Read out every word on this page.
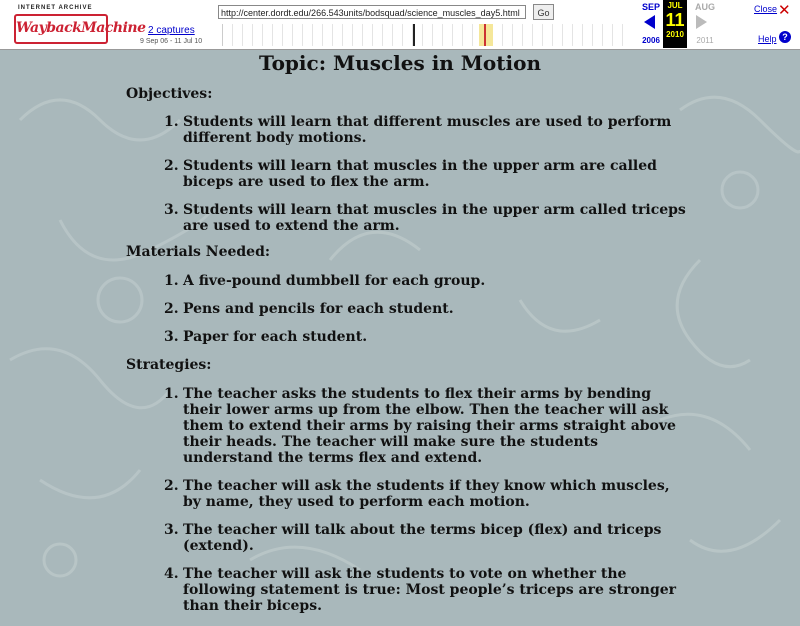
INTERNET ARCHIVE
WaybackMachine 2 captures
9 Sep 06 - 11 Jul 10
http://center.dordt.edu/266.543units/bodsquad/science_muscles_day5.html	Go
SEP JUL
11
2010
AUG
2006	2011
Close ✕
Help ?
Topic: Muscles in Motion
Objectives:
1. Students will learn that different muscles are used to perform different body motions.
2. Students will learn that muscles in the upper arm are called biceps are used to flex the arm.
3. Students will learn that muscles in the upper arm called triceps are used to extend the arm.
Materials Needed:
1. A five-pound dumbbell for each group.
2. Pens and pencils for each student.
3. Paper for each student.
Strategies:
1. The teacher asks the students to flex their arms by bending their lower arms up from the elbow. Then the teacher will ask them to extend their arms by raising their arms straight above their heads. The teacher will make sure the students understand the terms flex and extend.
2. The teacher will ask the students if they know which muscles, by name, they used to perform each motion.
3. The teacher will talk about the terms bicep (flex) and triceps (extend).
4. The teacher will ask the students to vote on whether the following statement is true: Most people’s triceps are stronger than their biceps.
